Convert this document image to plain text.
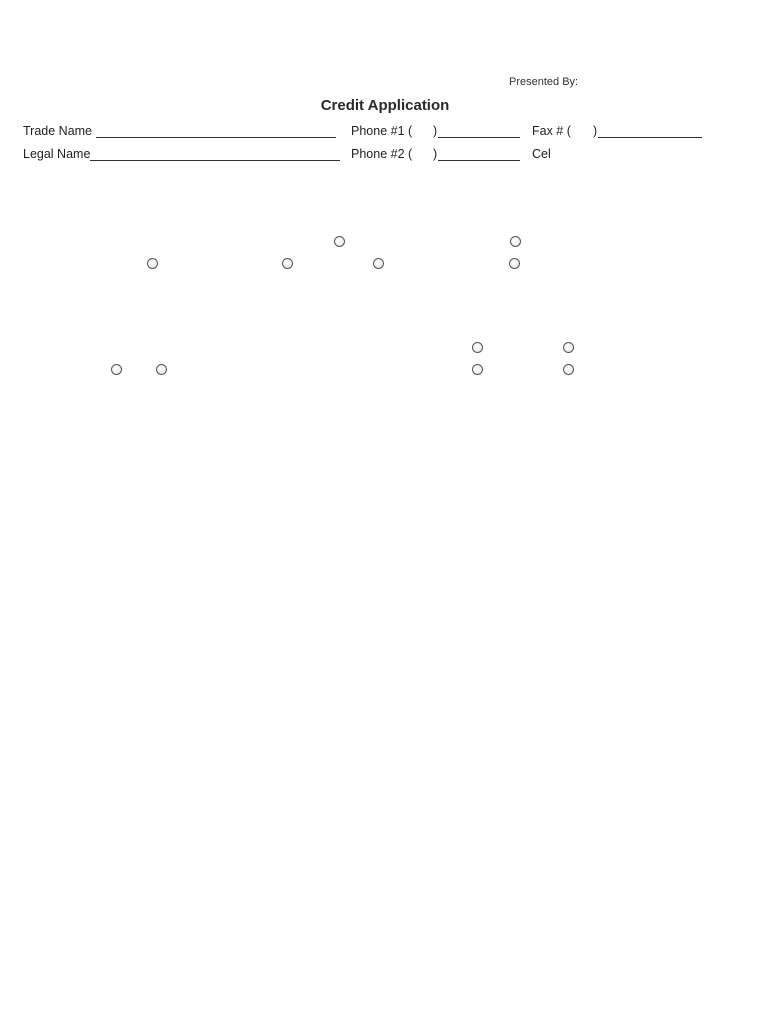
Presented By:
Credit Application
Trade Name	Phone #1 ( )	Fax # ( )
Legal Name	Phone #2 ( )	Cel
